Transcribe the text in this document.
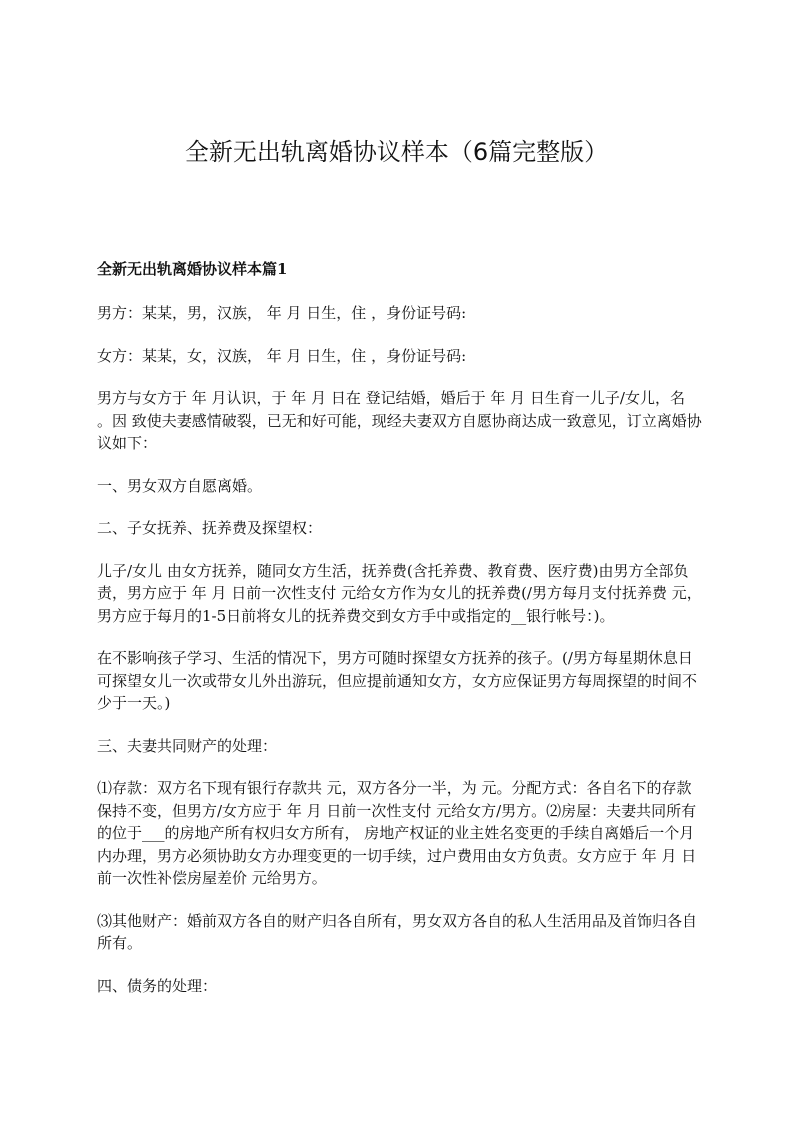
全新无出轨离婚协议样本（6篇完整版）
全新无出轨离婚协议样本篇1

男方：某某，男，汉族， 年 月 日生，住 ，身份证号码:

女方：某某，女，汉族， 年 月 日生，住 ，身份证号码:

男方与女方于 年 月认识，于 年 月 日在 登记结婚，婚后于 年 月 日生育一儿子/女儿，名 。因 致使夫妻感情破裂，已无和好可能，现经夫妻双方自愿协商达成一致意见，订立离婚协议如下：

一、男女双方自愿离婚。

二、子女抚养、抚养费及探望权：

儿子/女儿 由女方抚养，随同女方生活，抚养费(含托养费、教育费、医疗费)由男方全部负责，男方应于 年 月 日前一次性支付 元给女方作为女儿的抚养费(/男方每月支付抚养费 元，男方应于每月的1-5日前将女儿的抚养费交到女方手中或指定的__银行帐号：)。

在不影响孩子学习、生活的情况下，男方可随时探望女方抚养的孩子。(/男方每星期休息日可探望女儿一次或带女儿外出游玩，但应提前通知女方，女方应保证男方每周探望的时间不少于一天。)

三、夫妻共同财产的处理：

⑴存款：双方名下现有银行存款共 元，双方各分一半，为 元。分配方式：各自名下的存款保持不变，但男方/女方应于 年 月 日前一次性支付 元给女方/男方。⑵房屋：夫妻共同所有的位于___的房地产所有权归女方所有， 房地产权证的业主姓名变更的手续自离婚后一个月内办理，男方必须协助女方办理变更的一切手续，过户费用由女方负责。女方应于 年 月 日前一次性补偿房屋差价 元给男方。

⑶其他财产：婚前双方各自的财产归各自所有，男女双方各自的私人生活用品及首饰归各自所有。

四、债务的处理：
